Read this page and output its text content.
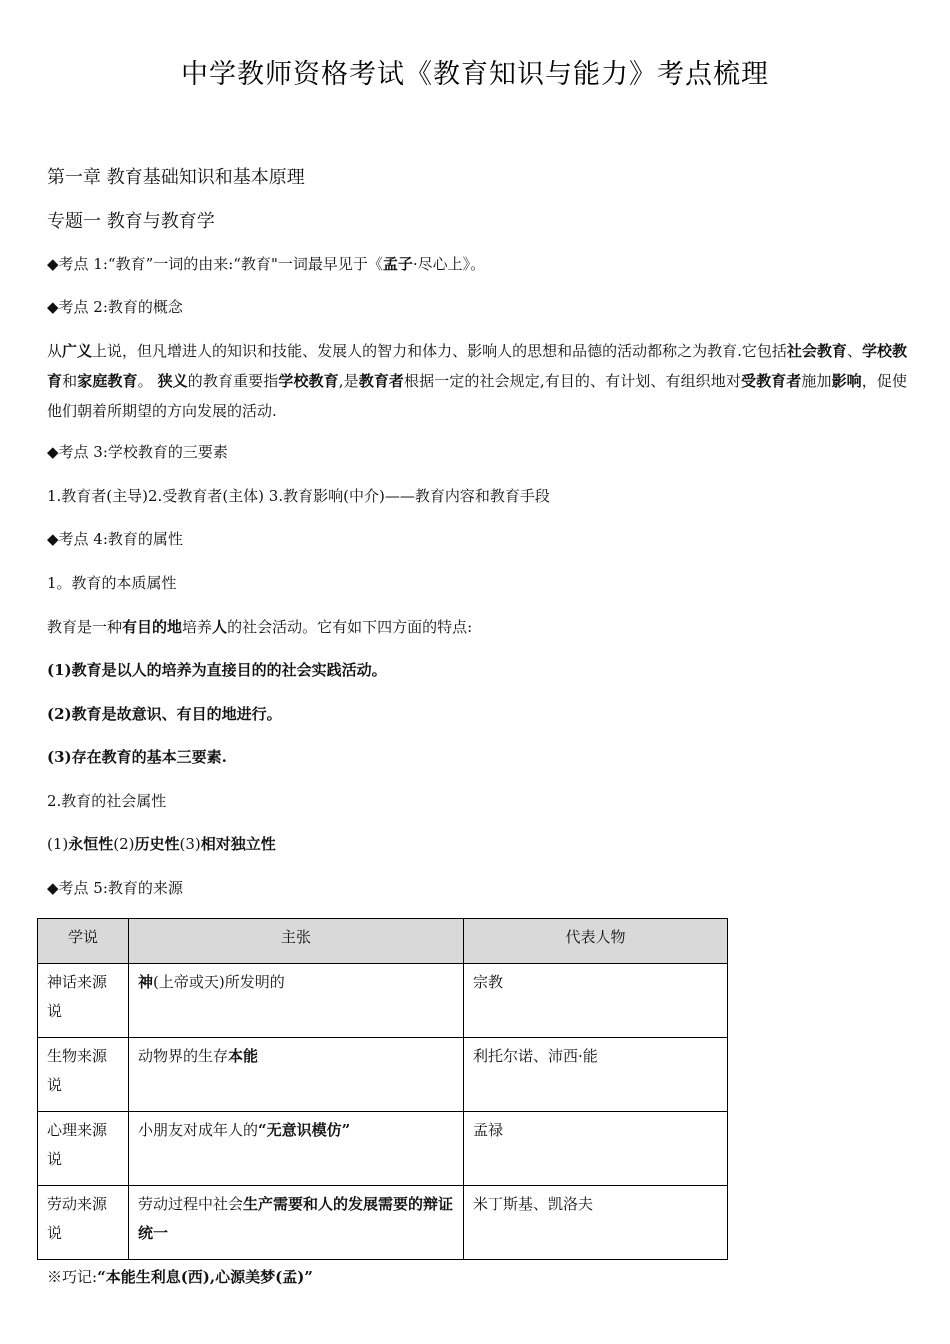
中学教师资格考试《教育知识与能力》考点梳理
第一章 教育基础知识和基本原理
专题一 教育与教育学
◆考点 1:“教育”一词的由来:“教育"一词最早见于《孟子·尽心上》。
◆考点 2:教育的概念
从广义上说，但凡增进人的知识和技能、发展人的智力和体力、影响人的思想和品德的活动都称之为教育.它包括社会教育、学校教育和家庭教育。 狭义的教育重要指学校教育,是教育者根据一定的社会规定,有目的、有计划、有组织地对受教育者施加影响，促使他们朝着所期望的方向发展的活动.
◆考点 3:学校教育的三要素
1.教育者(主导)2.受教育者(主体) 3.教育影响(中介)——教育内容和教育手段
◆考点 4:教育的属性
1。教育的本质属性
教育是一种有目的地培养人的社会活动。它有如下四方面的特点:
(1)教育是以人的培养为直接目的的社会实践活动。
(2)教育是故意识、有目的地进行。
(3)存在教育的基本三要素.
2.教育的社会属性
(1)永恒性(2)历史性(3)相对独立性
◆考点 5:教育的来源
学说	主张	代表人物
神话来源说	神(上帝或天)所发明的	宗教
生物来源说	动物界的生存本能	利托尔诺、沛西·能
心理来源说	小朋友对成年人的“无意识模仿”	孟禄
劳动来源说	劳动过程中社会生产需要和人的发展需要的辩证统一	米丁斯基、凯洛夫
※巧记:“本能生利息(西),心源美梦(孟)”
